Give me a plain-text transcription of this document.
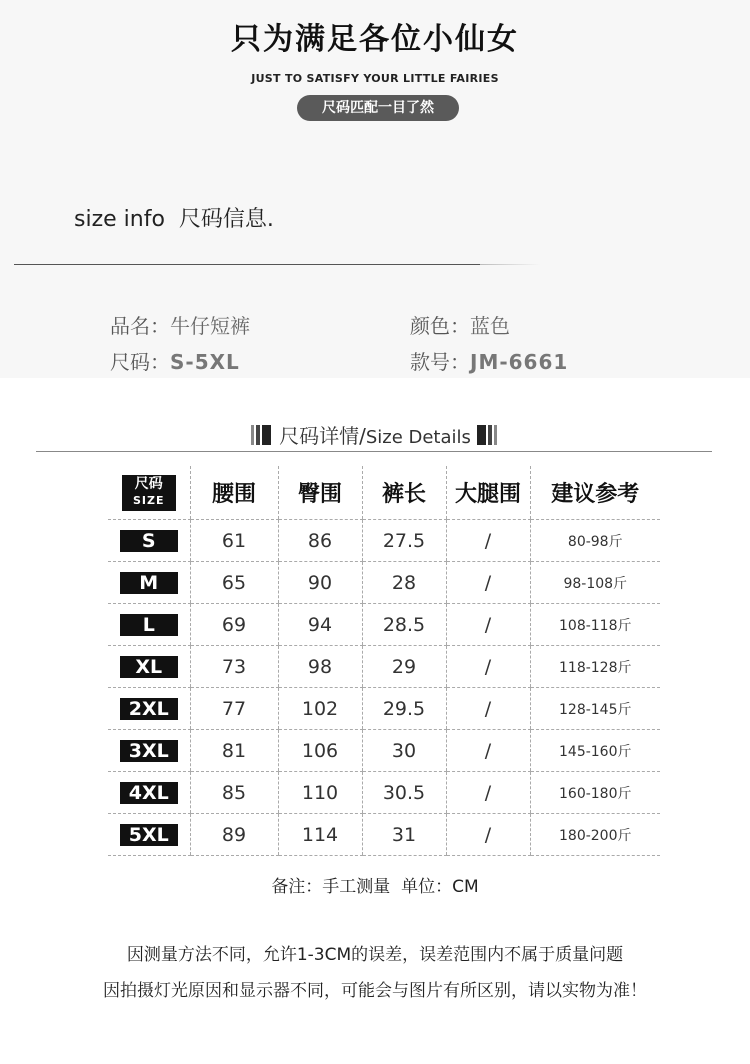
只为满足各位小仙女
JUST TO SATISFY YOUR LITTLE FAIRIES
尺码匹配一目了然
size info  尺码信息.
品名：牛仔短裤	颜色：蓝色
尺码：S-5XL	款号：JM-6661
尺码详情/Size Details
尺码
SIZE	腰围	臀围	裤长	大腿围	建议参考
S	61	86	27.5	/	80-98斤
M	65	90	28	/	98-108斤
L	69	94	28.5	/	108-118斤
XL	73	98	29	/	118-128斤
2XL	77	102	29.5	/	128-145斤
3XL	81	106	30	/	145-160斤
4XL	85	110	30.5	/	160-180斤
5XL	89	114	31	/	180-200斤
备注：手工测量  单位：CM
因测量方法不同，允许1-3CM的误差，误差范围内不属于质量问题
因拍摄灯光原因和显示器不同，可能会与图片有所区别，请以实物为准！
